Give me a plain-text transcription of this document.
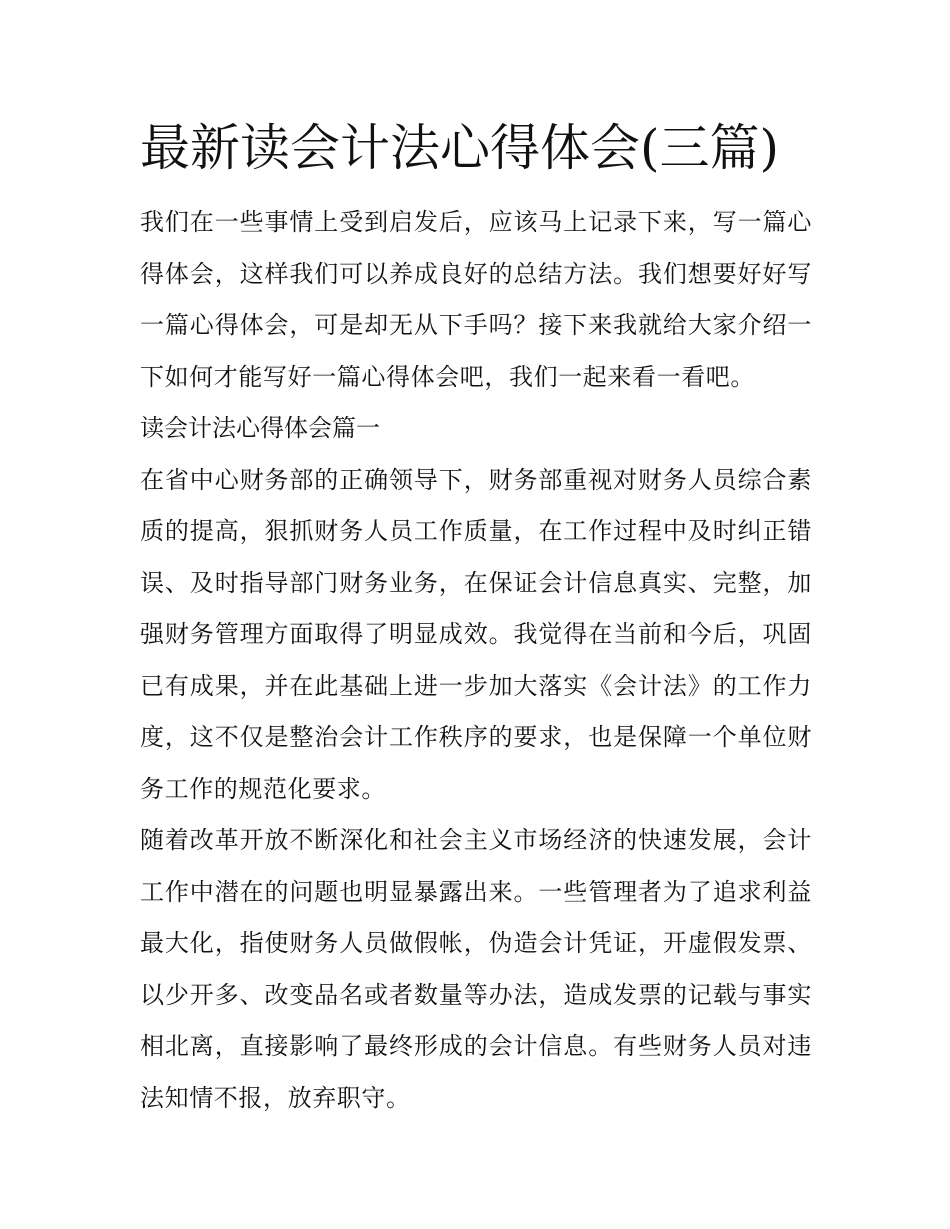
最新读会计法心得体会(三篇)

我们在一些事情上受到启发后，应该马上记录下来，写一篇心得体会，这样我们可以养成良好的总结方法。我们想要好好写一篇心得体会，可是却无从下手吗？接下来我就给大家介绍一下如何才能写好一篇心得体会吧，我们一起来看一看吧。

读会计法心得体会篇一

在省中心财务部的正确领导下，财务部重视对财务人员综合素质的提高，狠抓财务人员工作质量，在工作过程中及时纠正错误、及时指导部门财务业务，在保证会计信息真实、完整，加强财务管理方面取得了明显成效。我觉得在当前和今后，巩固已有成果，并在此基础上进一步加大落实《会计法》的工作力度，这不仅是整治会计工作秩序的要求，也是保障一个单位财务工作的规范化要求。

随着改革开放不断深化和社会主义市场经济的快速发展，会计工作中潜在的问题也明显暴露出来。一些管理者为了追求利益最大化，指使财务人员做假帐，伪造会计凭证，开虚假发票、以少开多、改变品名或者数量等办法，造成发票的记载与事实相北离，直接影响了最终形成的会计信息。有些财务人员对违法知情不报，放弃职守。
